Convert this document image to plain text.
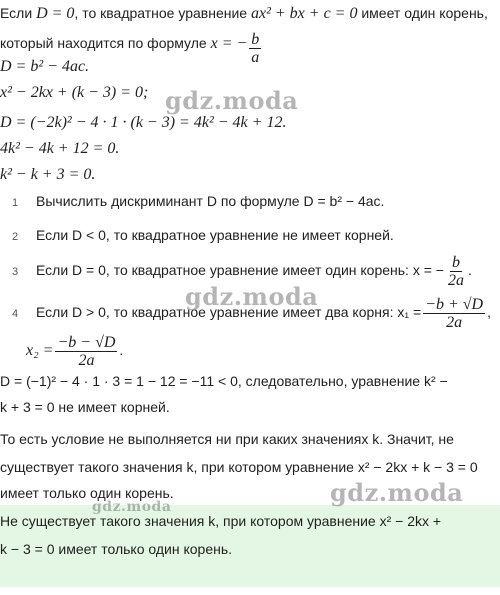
Если D = 0, то квадратное уравнение ax² + bx + c = 0 имеет один корень,
который находится по формуле x = − $\frac{b}{a}$
D = b² − 4ac.
x² − 2kx + (k − 3) = 0;
D = (−2k)² − 4 · 1 · (k − 3) = 4k² − 4k + 12.
4k² − 4k + 12 = 0.
k² − k + 3 = 0.
1 Вычислить дискриминант D по формуле D = b² − 4ac.
2 Если D < 0, то квадратное уравнение не имеет корней.
3 Если D = 0, то квадратное уравнение имеет один корень: x = − $\frac{b}{2a}$ .
4 Если D > 0, то квадратное уравнение имеет два корня: $x_1 = \frac{-b + √D}{2a}$ ,
$x_2 = \frac{-b - √D}{2a}$ .
D = (−1)² − 4 · 1 · 3 = 1 − 12 = −11 < 0, следовательно, уравнение k² −
k + 3 = 0 не имеет корней.
То есть условие не выполняется ни при каких значениях k. Значит, не
существует такого значения k, при котором уравнение x² − 2kx + k − 3 = 0
имеет только один корень.
Не существует такого значения k, при котором уравнение x² − 2kx +
k − 3 = 0 имеет только один корень.
gdz.moda
gdz.moda
gdz.moda
gdz.moda
